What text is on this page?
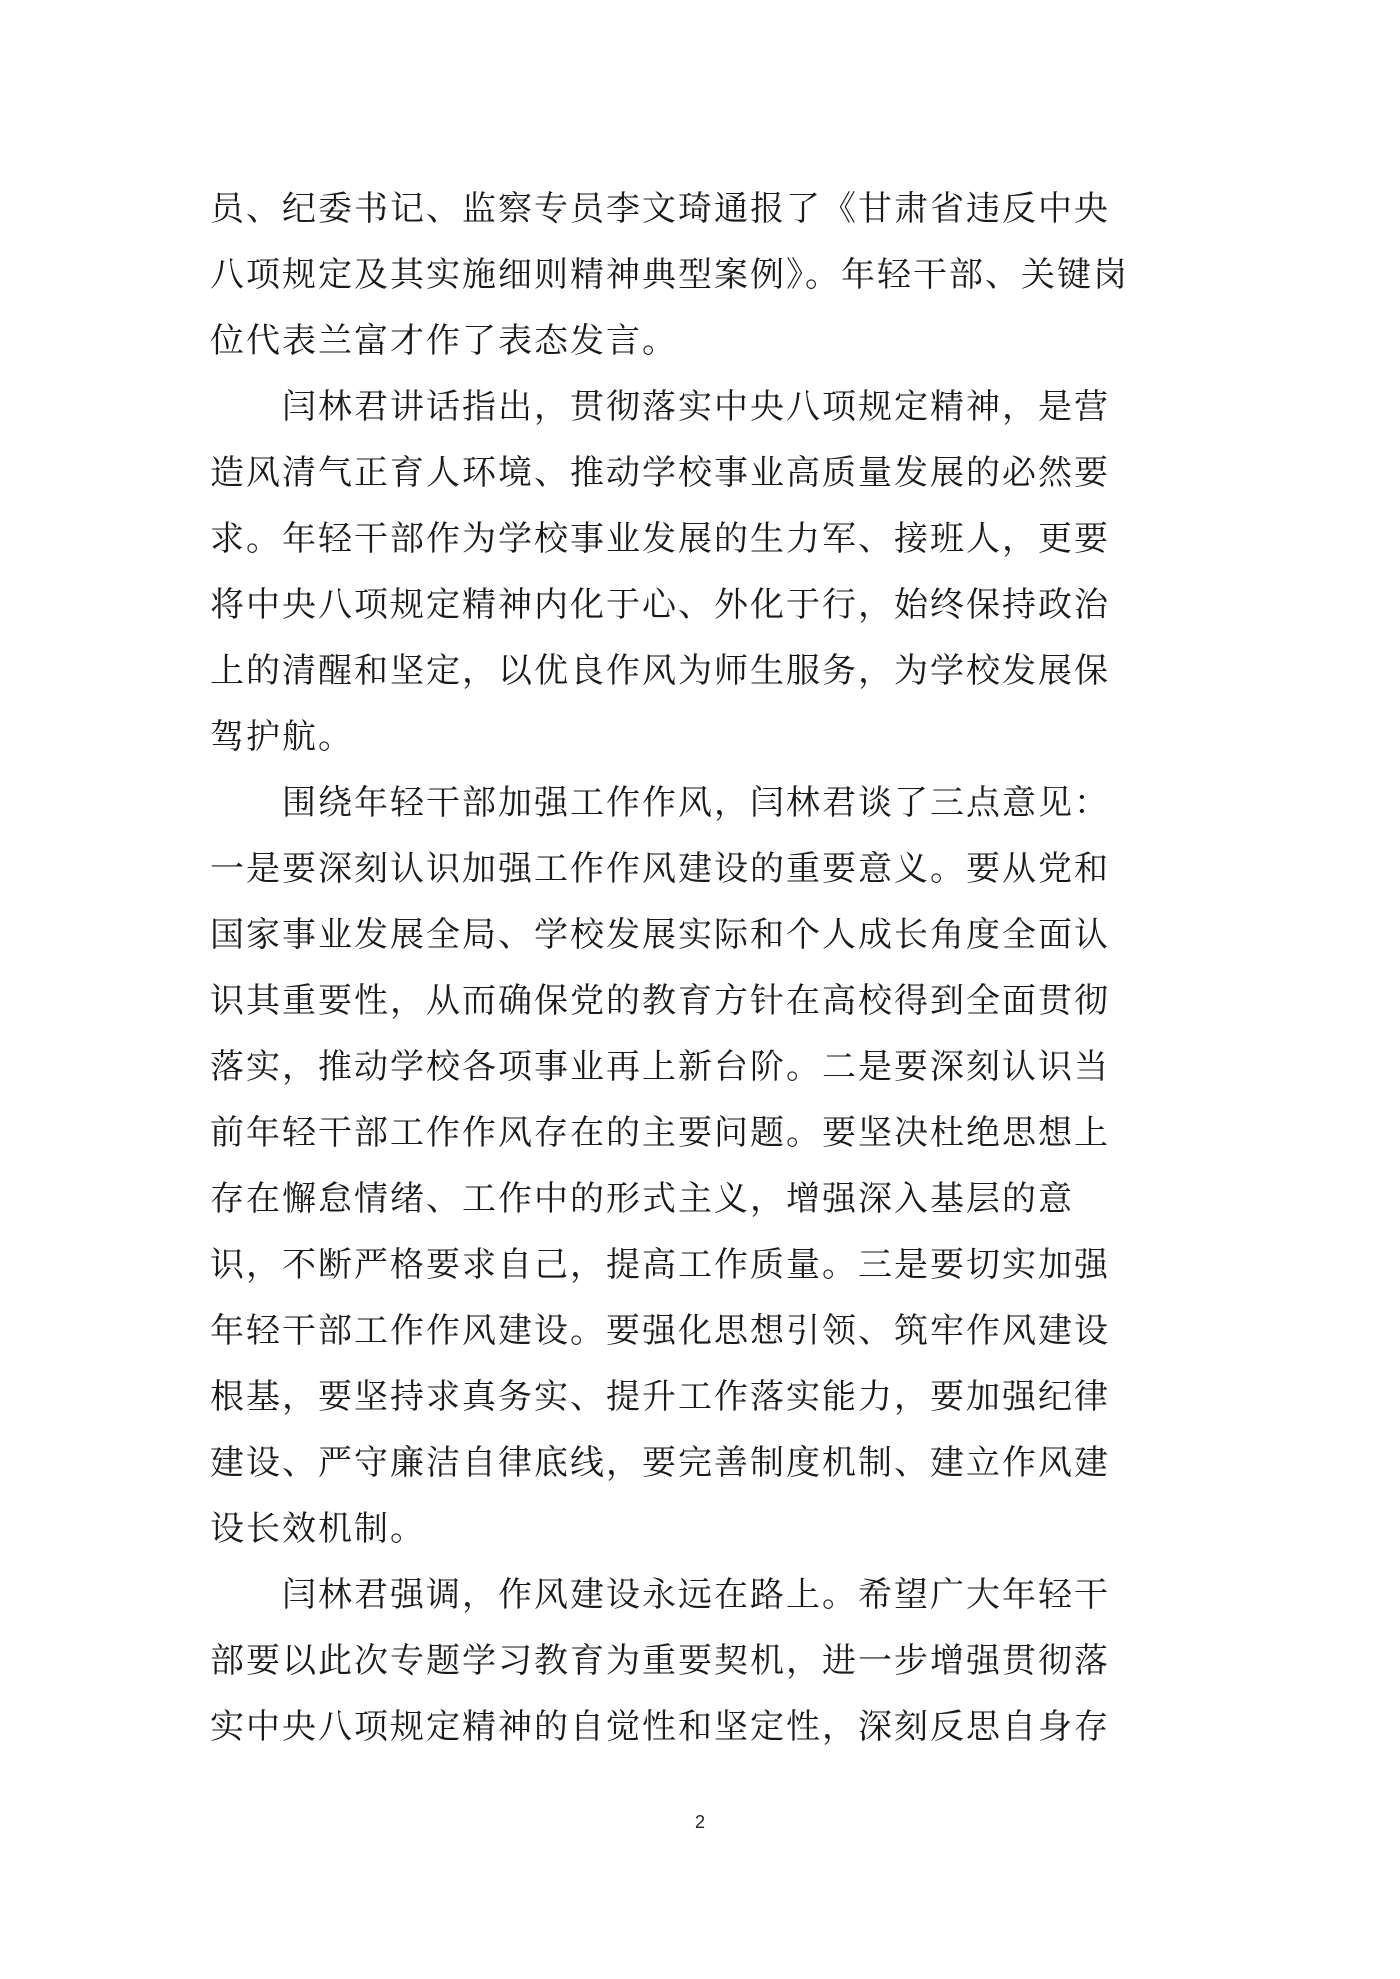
员、纪委书记、监察专员李文琦通报了《甘肃省违反中央
八项规定及其实施细则精神典型案例》。年轻干部、关键岗
位代表兰富才作了表态发言。
　　闫林君讲话指出，贯彻落实中央八项规定精神，是营
造风清气正育人环境、推动学校事业高质量发展的必然要
求。年轻干部作为学校事业发展的生力军、接班人，更要
将中央八项规定精神内化于心、外化于行，始终保持政治
上的清醒和坚定，以优良作风为师生服务，为学校发展保
驾护航。
　　围绕年轻干部加强工作作风，闫林君谈了三点意见：
一是要深刻认识加强工作作风建设的重要意义。要从党和
国家事业发展全局、学校发展实际和个人成长角度全面认
识其重要性，从而确保党的教育方针在高校得到全面贯彻
落实，推动学校各项事业再上新台阶。二是要深刻认识当
前年轻干部工作作风存在的主要问题。要坚决杜绝思想上
存在懈怠情绪、工作中的形式主义，增强深入基层的意
识，不断严格要求自己，提高工作质量。三是要切实加强
年轻干部工作作风建设。要强化思想引领、筑牢作风建设
根基，要坚持求真务实、提升工作落实能力，要加强纪律
建设、严守廉洁自律底线，要完善制度机制、建立作风建
设长效机制。
　　闫林君强调，作风建设永远在路上。希望广大年轻干
部要以此次专题学习教育为重要契机，进一步增强贯彻落
实中央八项规定精神的自觉性和坚定性，深刻反思自身存
2
